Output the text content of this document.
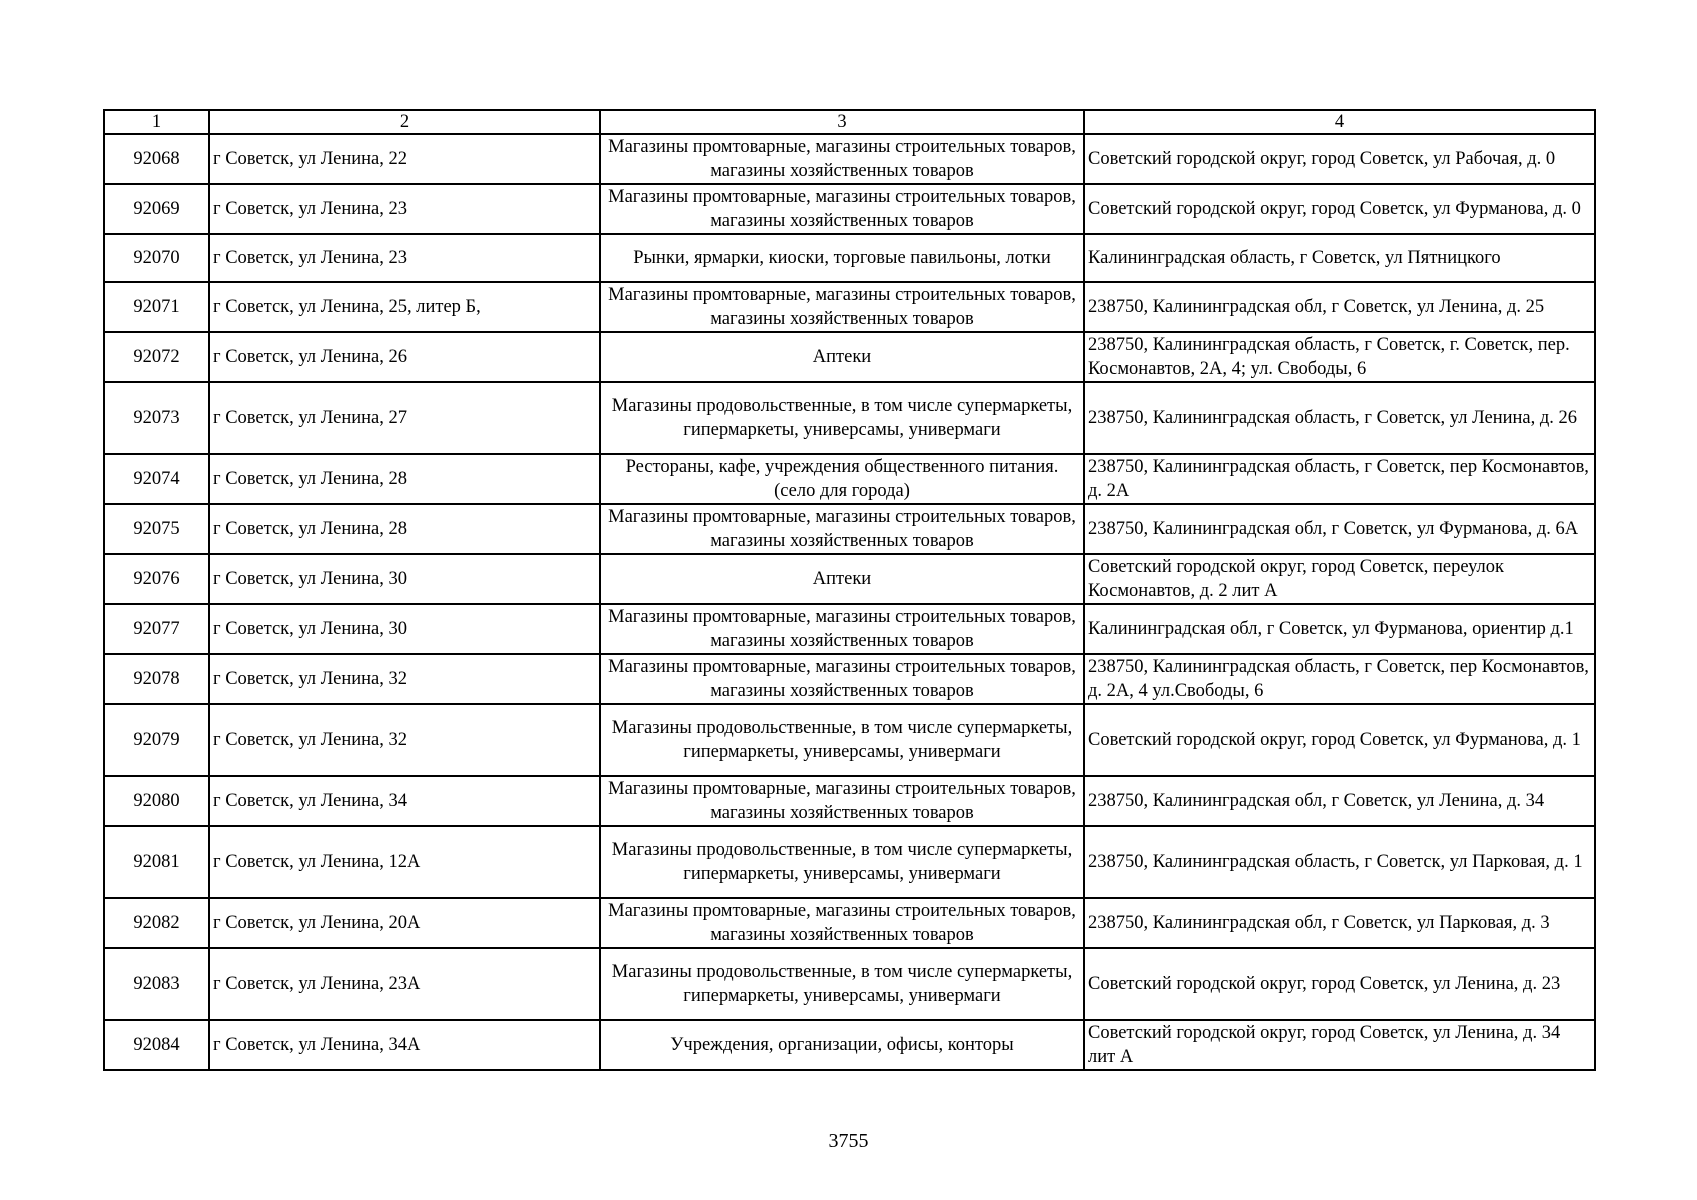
1	2	3	4
92068	г Советск, ул Ленина, 22	Магазины промтоварные, магазины строительных товаров, магазины хозяйственных товаров	Советский городской округ, город Советск, ул Рабочая, д. 0
92069	г Советск, ул Ленина, 23	Магазины промтоварные, магазины строительных товаров, магазины хозяйственных товаров	Советский городской округ, город Советск, ул Фурманова, д. 0
92070	г Советск, ул Ленина, 23	Рынки, ярмарки, киоски, торговые павильоны, лотки	Калининградская область, г Советск, ул Пятницкого
92071	г Советск, ул Ленина, 25, литер Б,	Магазины промтоварные, магазины строительных товаров, магазины хозяйственных товаров	238750, Калининградская обл, г Советск, ул Ленина, д. 25
92072	г Советск, ул Ленина, 26	Аптеки	238750, Калининградская область, г Советск, г. Советск, пер. Космонавтов, 2А, 4; ул. Свободы, 6
92073	г Советск, ул Ленина, 27	Магазины продовольственные, в том числе супермаркеты, гипермаркеты, универсамы, универмаги	238750, Калининградская область, г Советск, ул Ленина, д. 26
92074	г Советск, ул Ленина, 28	Рестораны, кафе, учреждения общественного питания. (село для города)	238750, Калининградская область, г Советск, пер Космонавтов, д. 2А
92075	г Советск, ул Ленина, 28	Магазины промтоварные, магазины строительных товаров, магазины хозяйственных товаров	238750, Калининградская обл, г Советск, ул Фурманова, д. 6А
92076	г Советск, ул Ленина, 30	Аптеки	Советский городской округ, город Советск, переулок Космонавтов, д. 2 лит А
92077	г Советск, ул Ленина, 30	Магазины промтоварные, магазины строительных товаров, магазины хозяйственных товаров	Калининградская обл, г Советск, ул Фурманова, ориентир д.1
92078	г Советск, ул Ленина, 32	Магазины промтоварные, магазины строительных товаров, магазины хозяйственных товаров	238750, Калининградская область, г Советск, пер Космонавтов, д. 2А, 4 ул.Свободы, 6
92079	г Советск, ул Ленина, 32	Магазины продовольственные, в том числе супермаркеты, гипермаркеты, универсамы, универмаги	Советский городской округ, город Советск, ул Фурманова, д. 1
92080	г Советск, ул Ленина, 34	Магазины промтоварные, магазины строительных товаров, магазины хозяйственных товаров	238750, Калининградская обл, г Советск, ул Ленина, д. 34
92081	г Советск, ул Ленина, 12А	Магазины продовольственные, в том числе супермаркеты, гипермаркеты, универсамы, универмаги	238750, Калининградская область, г Советск, ул Парковая, д. 1
92082	г Советск, ул Ленина, 20А	Магазины промтоварные, магазины строительных товаров, магазины хозяйственных товаров	238750, Калининградская обл, г Советск, ул Парковая, д. 3
92083	г Советск, ул Ленина, 23А	Магазины продовольственные, в том числе супермаркеты, гипермаркеты, универсамы, универмаги	Советский городской округ, город Советск, ул Ленина, д. 23
92084	г Советск, ул Ленина, 34А	Учреждения, организации, офисы, конторы	Советский городской округ, город Советск, ул Ленина, д. 34 лит А
3755
